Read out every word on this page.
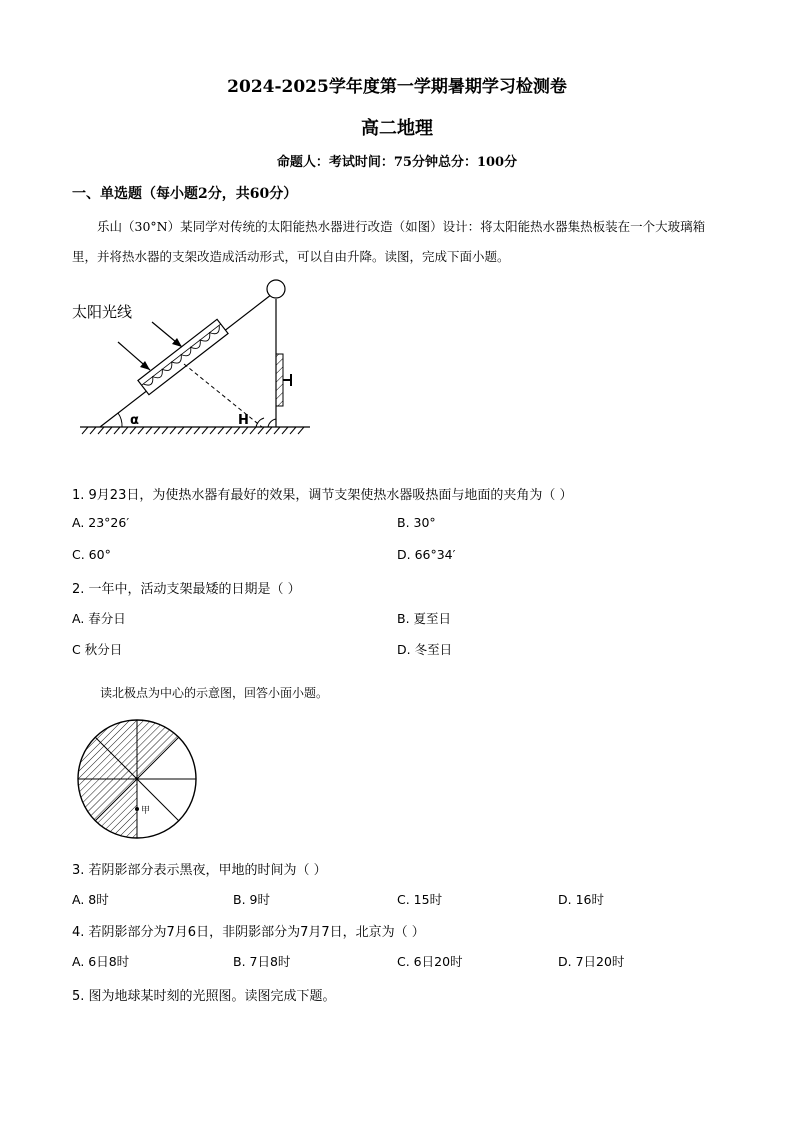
2024-2025学年度第一学期暑期学习检测卷
高二地理
命题人：考试时间：75分钟总分：100分
一、单选题（每小题2分，共60分）
乐山（30°N）某同学对传统的太阳能热水器进行改造（如图）设计：将太阳能热水器集热板装在一个大玻璃箱里，并将热水器的支架改造成活动形式，可以自由升降。读图，完成下面小题。
太阳光线
α	H
1. 9月23日，为使热水器有最好的效果，调节支架使热水器吸热面与地面的夹角为（ ）
A. 23°26′	B. 30°
C. 60°	D. 66°34′
2. 一年中，活动支架最矮的日期是（ ）
A. 春分日	B. 夏至日
C 秋分日	D. 冬至日
读北极点为中心的示意图，回答小面小题。
甲
3. 若阴影部分表示黑夜，甲地的时间为（ ）
A. 8时	B. 9时	C. 15时	D. 16时
4. 若阴影部分为7月6日，非阴影部分为7月7日，北京为（ ）
A. 6日8时	B. 7日8时	C. 6日20时	D. 7日20时
5. 图为地球某时刻的光照图。读图完成下题。
